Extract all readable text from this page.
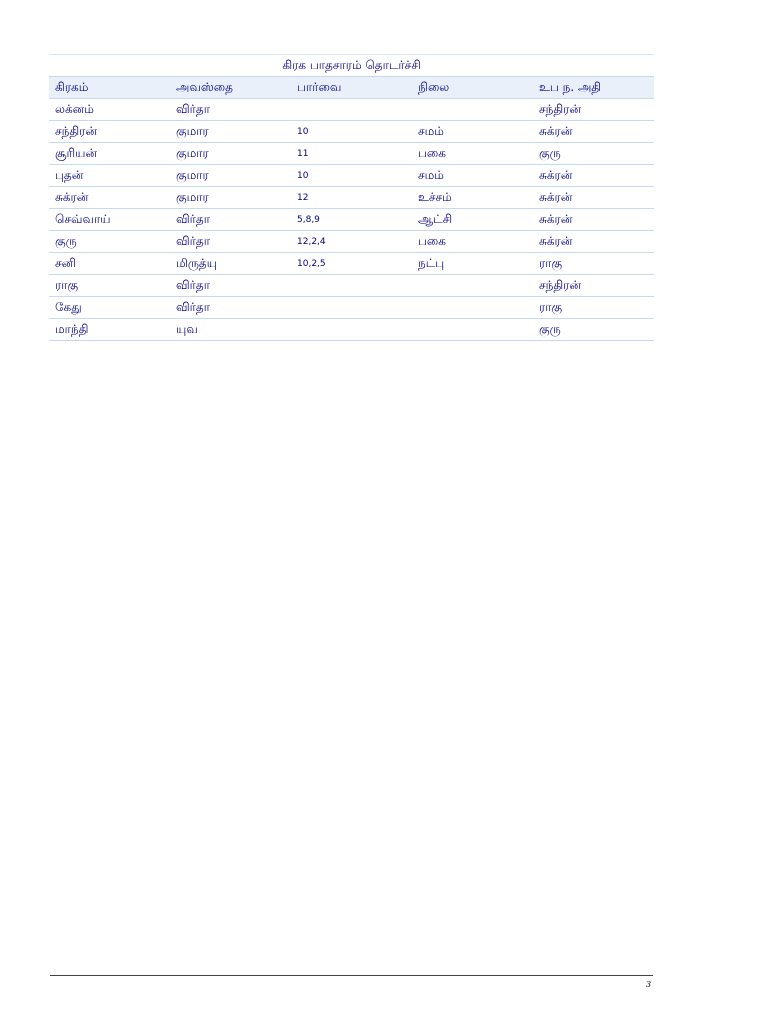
கிரக பாதசாரம் தொடர்ச்சி				
கிரகம்	அவஸ்தை	பார்வை	நிலை	உப ந. அதி
லக்னம்	விர்தா			சந்திரன்
சந்திரன்	குமார	10	சமம்	சுக்ரன்
சூரியன்	குமார	11	பகை	குரு
புதன்	குமார	10	சமம்	சுக்ரன்
சுக்ரன்	குமார	12	உச்சம்	சுக்ரன்
செவ்வாய்	விர்தா	5,8,9	ஆட்சி	சுக்ரன்
குரு	விர்தா	12,2,4	பகை	சுக்ரன்
சனி	மிருத்யு	10,2,5	நட்பு	ராகு
ராகு	விர்தா			சந்திரன்
கேது	விர்தா			ராகு
மாந்தி	யுவ			குரு
3
